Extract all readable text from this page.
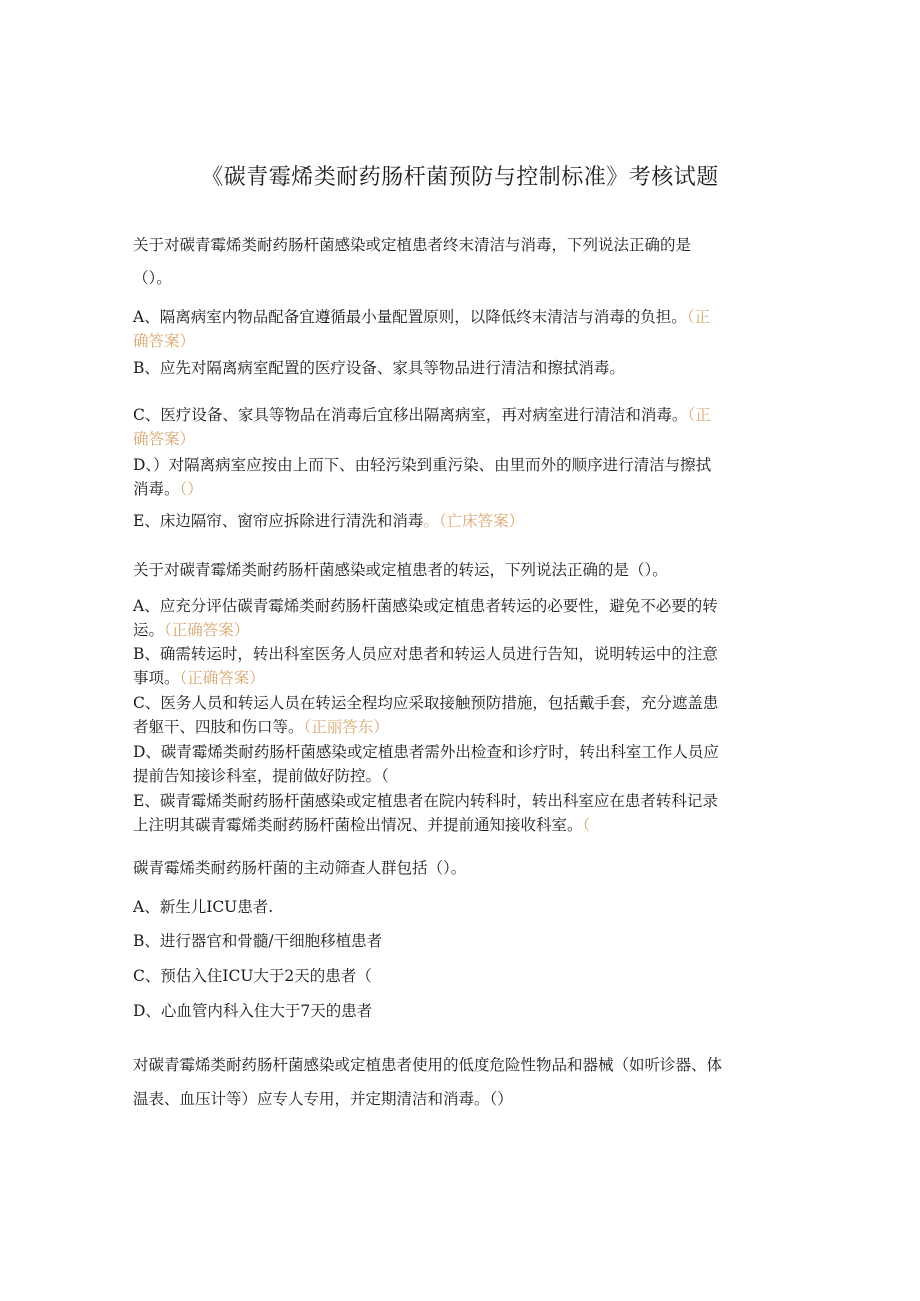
《碳青霉烯类耐药肠杆菌预防与控制标准》考核试题
关于对碳青霉烯类耐药肠杆菌感染或定植患者终末清洁与消毒，下列说法正确的是
（）。
A、隔离病室内物品配备宜遵循最小量配置原则，以降低终末清洁与消毒的负担。（正
确答案）
B、应先对隔离病室配置的医疗设备、家具等物品进行清洁和擦拭消毒。
C、医疗设备、家具等物品在消毒后宜移出隔离病室，再对病室进行清洁和消毒。（正
确答案）
D、）对隔离病室应按由上而下、由轻污染到重污染、由里而外的顺序进行清洁与擦拭
消毒。（）
E、床边隔帘、窗帘应拆除进行清洗和消毒。（亡床答案）
关于对碳青霉烯类耐药肠杆菌感染或定植患者的转运，下列说法正确的是（）。
A、应充分评估碳青霉烯类耐药肠杆菌感染或定植患者转运的必要性，避免不必要的转
运。（正确答案）
B、确需转运时，转出科室医务人员应对患者和转运人员进行告知，说明转运中的注意
事项。（正确答案）
C、医务人员和转运人员在转运全程均应采取接触预防措施，包括戴手套，充分遮盖患
者躯干、四肢和伤口等。（正丽答东）
D、碳青霉烯类耐药肠杆菌感染或定植患者需外出检查和诊疗时，转出科室工作人员应
提前告知接诊科室，提前做好防控。（
E、碳青霉烯类耐药肠杆菌感染或定植患者在院内转科时，转出科室应在患者转科记录
上注明其碳青霉烯类耐药肠杆菌检出情况、并提前通知接收科室。（
碳青霉烯类耐药肠杆菌的主动筛查人群包括（）。
A、新生儿ICU患者.
B、进行器官和骨髓/干细胞移植患者
C、预估入住ICU大于2天的患者（
D、心血管内科入住大于7天的患者
对碳青霉烯类耐药肠杆菌感染或定植患者使用的低度危险性物品和器械（如听诊器、体
温表、血压计等）应专人专用，并定期清洁和消毒。（）
